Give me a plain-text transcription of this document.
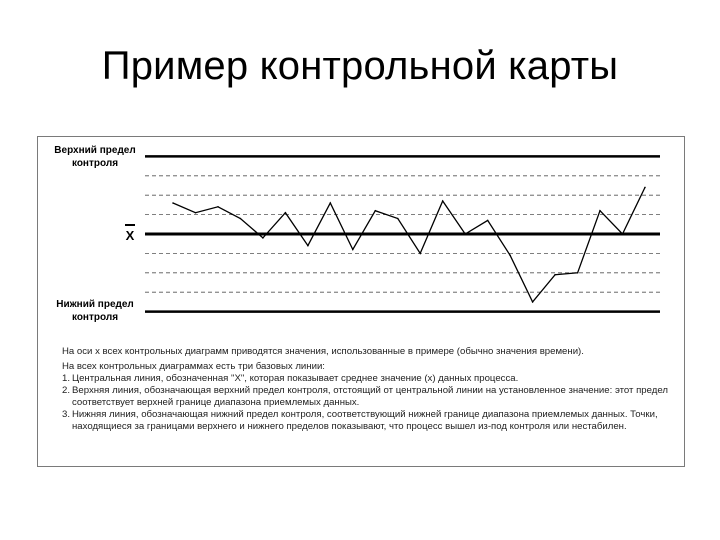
Пример контрольной карты
Верхний предел контроля
Нижний предел контроля
X

На оси х всех контрольных диаграмм приводятся значения, использованные в примере (обычно значения времени).

На всех контрольных диаграммах есть три базовых линии:

1. Центральная линия, обозначенная "X", которая показывает среднее значение (х) данных процесса.
2. Верхняя линия, обозначающая верхний предел контроля, отстоящий от центральной линии на установленное значение: этот предел соответствует верхней границе диапазона приемлемых данных.
3. Нижняя линия, обозначающая нижний предел контроля, соответствующий нижней границе диапазона приемлемых данных. Точки, находящиеся за границами верхнего и нижнего пределов показывают, что процесс вышел из-под контроля или нестабилен.
